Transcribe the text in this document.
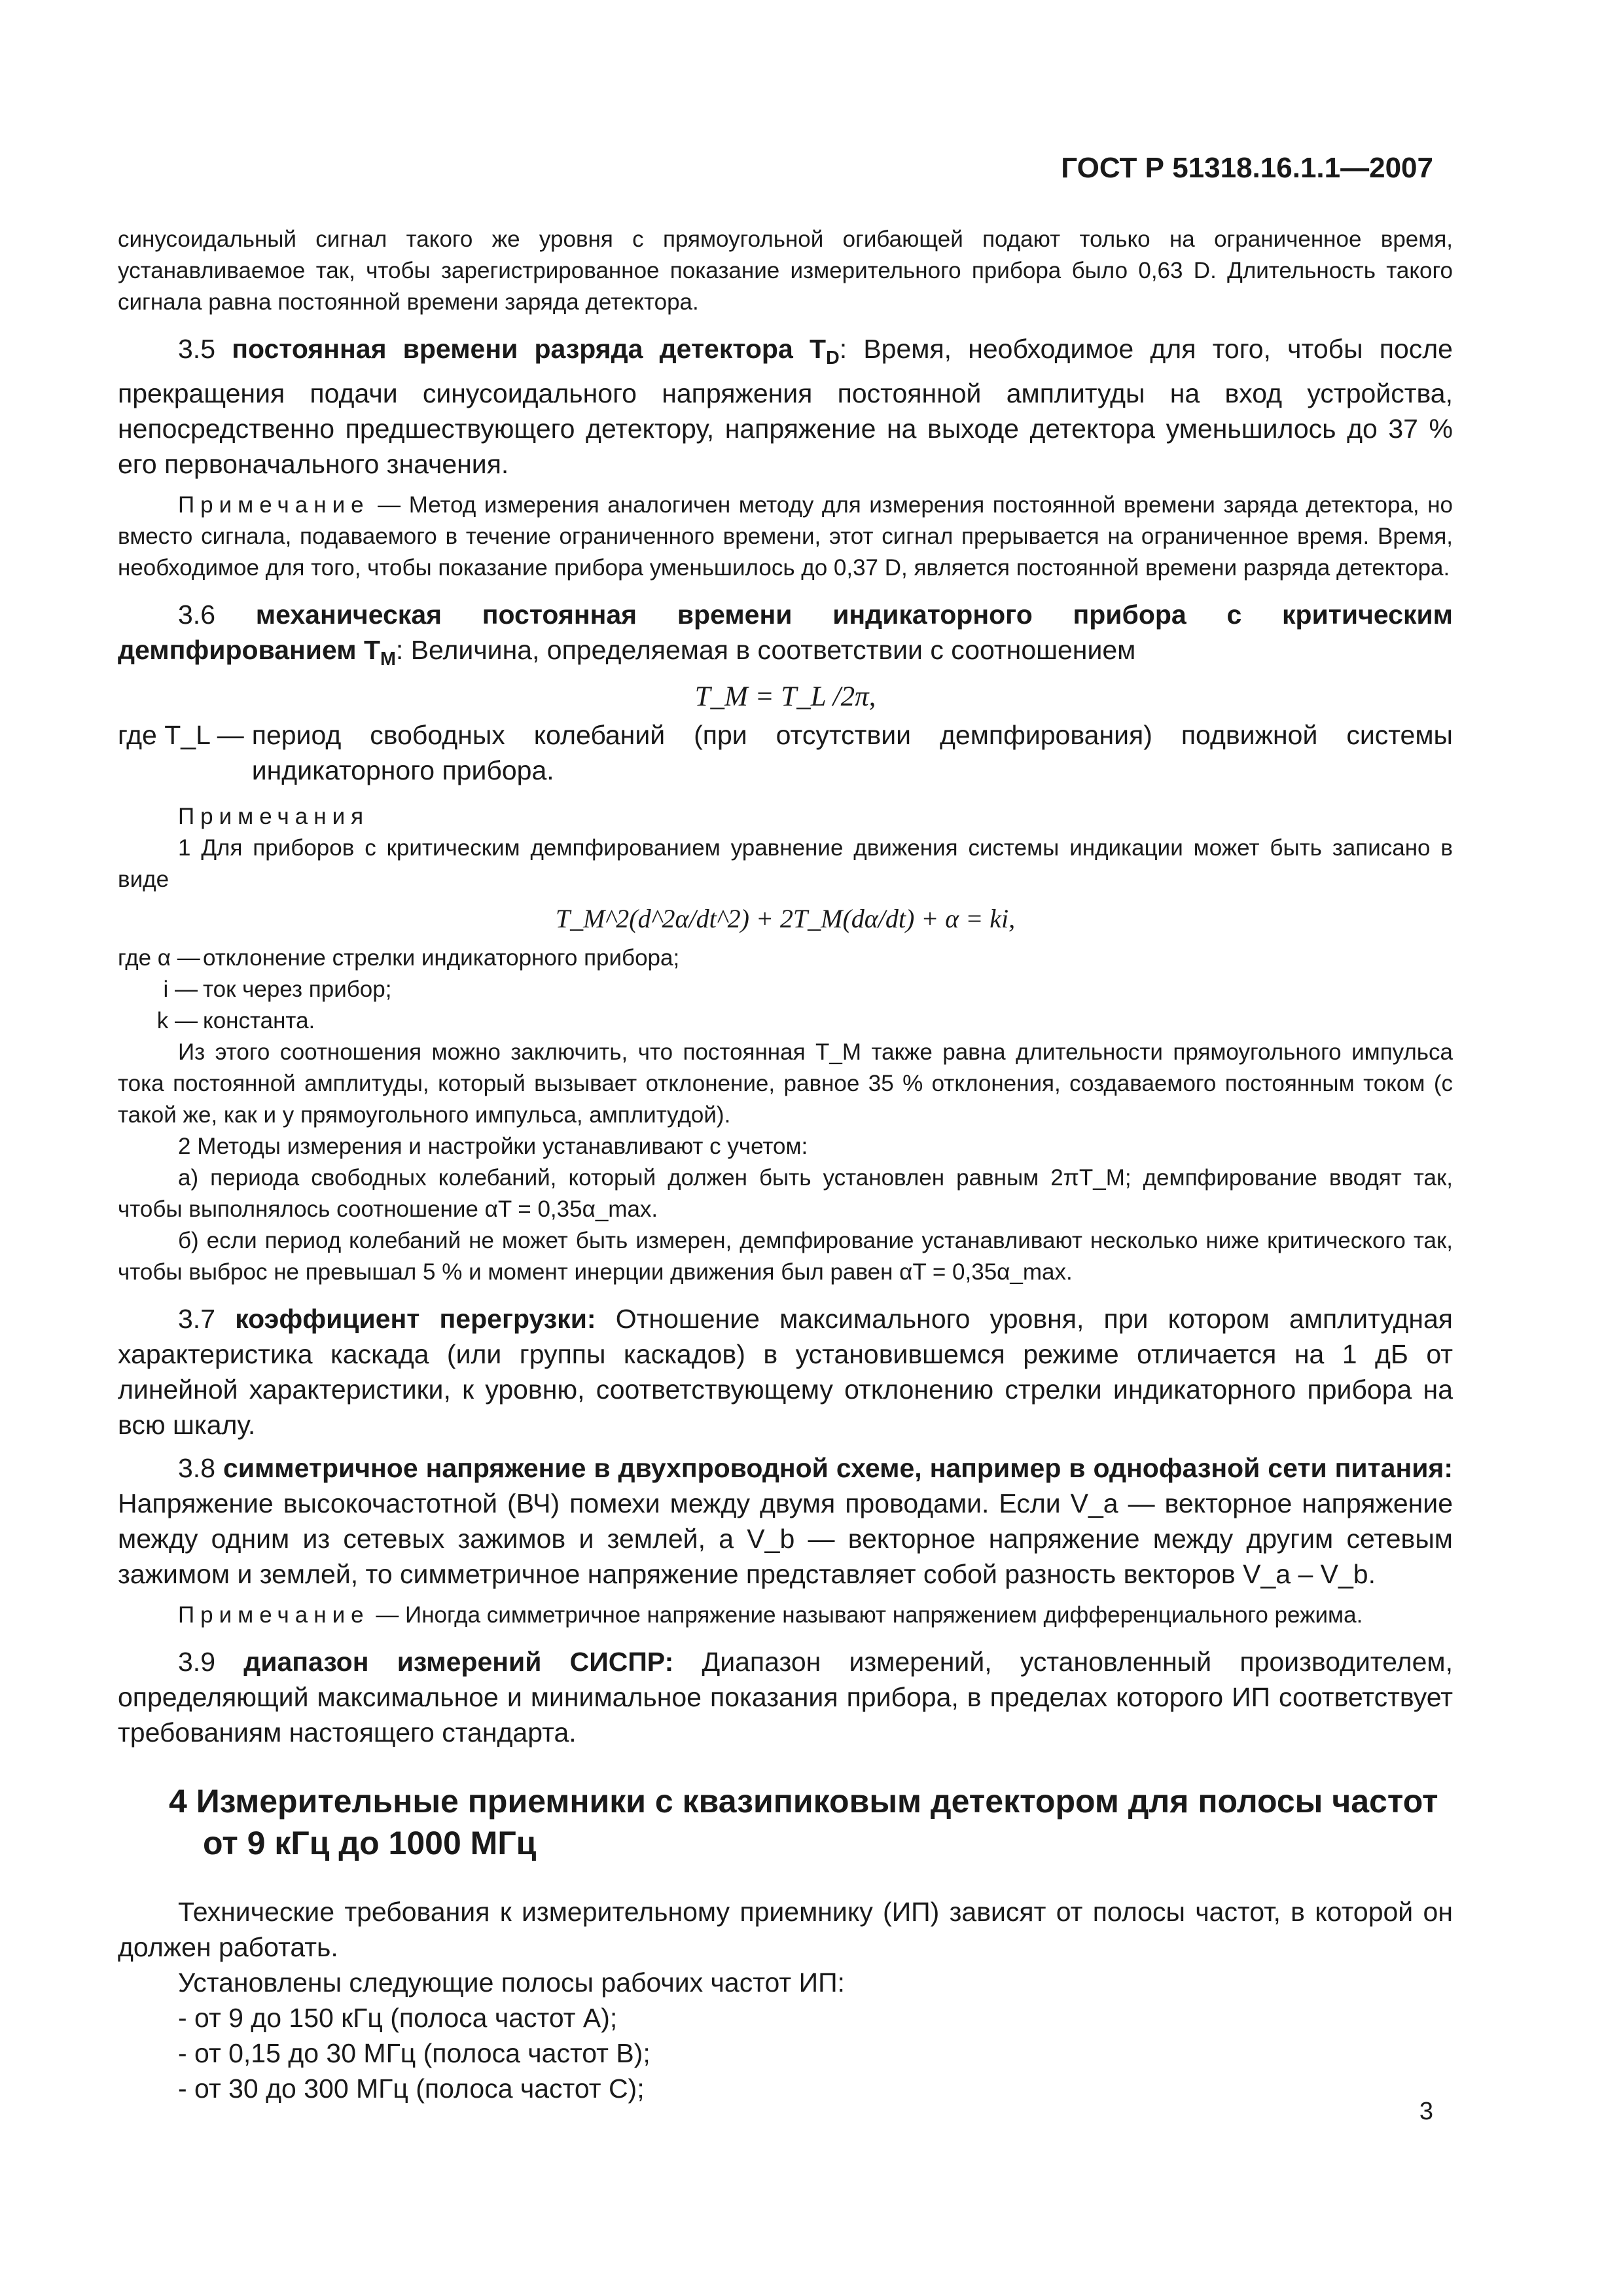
ГОСТ Р 51318.16.1.1—2007

синусоидальный сигнал такого же уровня с прямоугольной огибающей подают только на ограниченное время, устанавливаемое так, чтобы зарегистрированное показание измерительного прибора было 0,63 D. Длительность такого сигнала равна постоянной времени заряда детектора.

3.5 постоянная времени разряда детектора $T_D$: Время, необходимое для того, чтобы после прекращения подачи синусоидального напряжения постоянной амплитуды на вход устройства, непосредственно предшествующего детектору, напряжение на выходе детектора уменьшилось до 37 % его первоначального значения.

Примечание — Метод измерения аналогичен методу для измерения постоянной времени заряда детектора, но вместо сигнала, подаваемого в течение ограниченного времени, этот сигнал прерывается на ограниченное время. Время, необходимое для того, чтобы показание прибора уменьшилось до 0,37 D, является постоянной времени разряда детектора.

3.6 механическая постоянная времени индикаторного прибора с критическим демпфированием $T_M$: Величина, определяемая в соответствии с соотношением

T_M = T_L /2π,
где T_L — период свободных колебаний (при отсутствии демпфирования) подвижной системы индикаторного прибора.
Примечания

1 Для приборов с критическим демпфированием уравнение движения системы индикации может быть записано в виде

T_M^2(d^2α/dt^2) + 2T_M(dα/dt) + α = ki,
где α — отклонение стрелки индикаторного прибора;
i — ток через прибор;
k — константа.

Из этого соотношения можно заключить, что постоянная T_M также равна длительности прямоугольного импульса тока постоянной амплитуды, который вызывает отклонение, равное 35 % отклонения, создаваемого постоянным током (с такой же, как и у прямоугольного импульса, амплитудой).

2 Методы измерения и настройки устанавливают с учетом:

а) периода свободных колебаний, который должен быть установлен равным 2πT_M; демпфирование вводят так, чтобы выполнялось соотношение αT = 0,35α_max.

б) если период колебаний не может быть измерен, демпфирование устанавливают несколько ниже критического так, чтобы выброс не превышал 5 % и момент инерции движения был равен αT = 0,35α_max.

3.7 коэффициент перегрузки: Отношение максимального уровня, при котором амплитудная характеристика каскада (или группы каскадов) в установившемся режиме отличается на 1 дБ от линейной характеристики, к уровню, соответствующему отклонению стрелки индикаторного прибора на всю шкалу.

3.8 симметричное напряжение в двухпроводной схеме, например в однофазной сети питания: Напряжение высокочастотной (ВЧ) помехи между двумя проводами. Если V_a — векторное напряжение между одним из сетевых зажимов и землей, а V_b — векторное напряжение между другим сетевым зажимом и землей, то симметричное напряжение представляет собой разность векторов V_a – V_b.

Примечание — Иногда симметричное напряжение называют напряжением дифференциального режима.

3.9 диапазон измерений СИСПР: Диапазон измерений, установленный производителем, определяющий максимальное и минимальное показания прибора, в пределах которого ИП соответствует требованиям настоящего стандарта.

4 Измерительные приемники с квазипиковым детектором для полосы частот от 9 кГц до 1000 МГц

Технические требования к измерительному приемнику (ИП) зависят от полосы частот, в которой он должен работать.

Установлены следующие полосы рабочих частот ИП:

- от 9 до 150 кГц (полоса частот A);
- от 0,15 до 30 МГц (полоса частот B);
- от 30 до 300 МГц (полоса частот C);
3
